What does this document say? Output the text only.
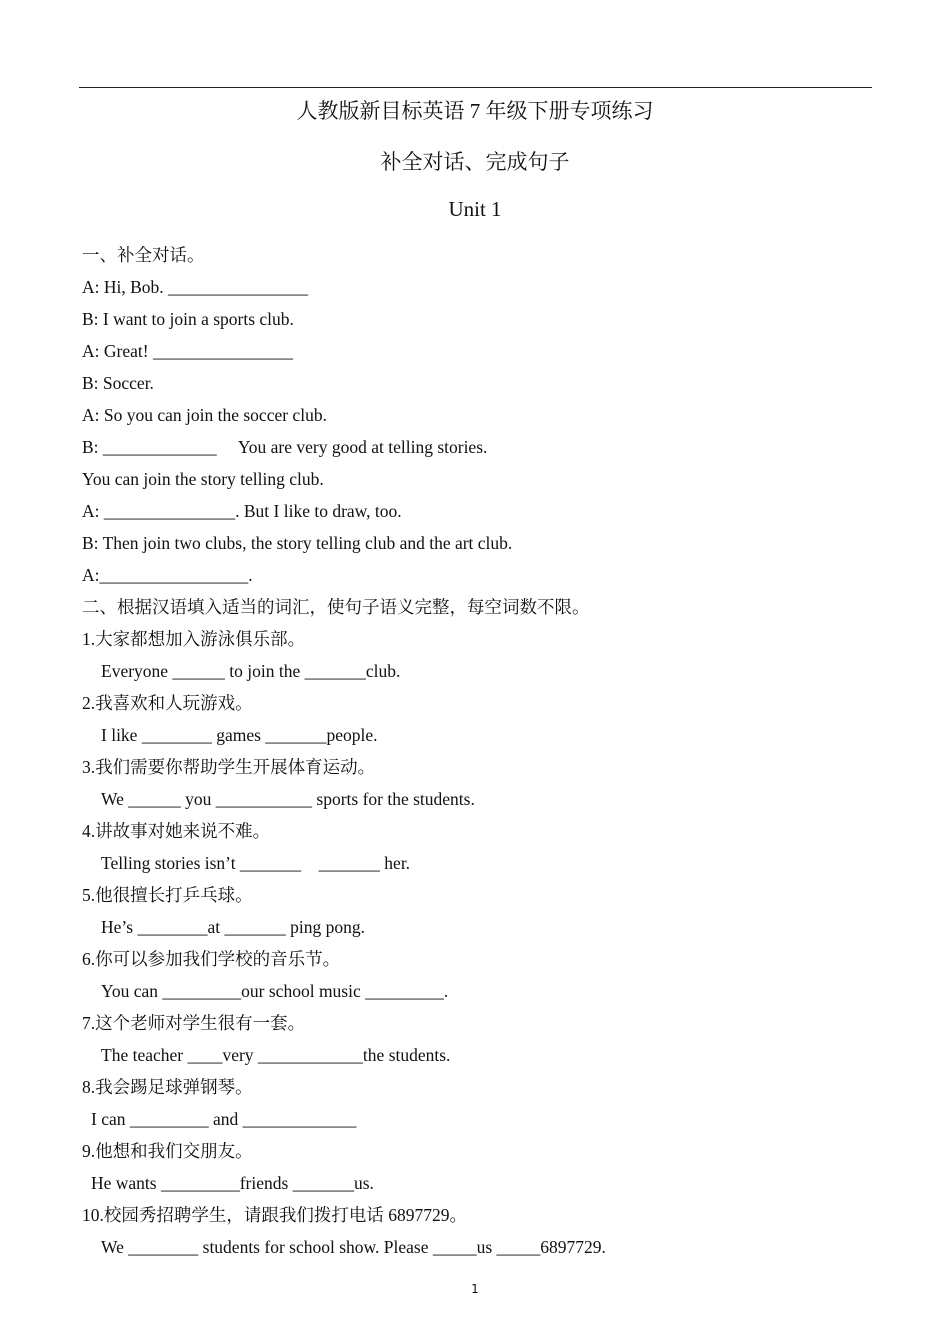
人教版新目标英语 7 年级下册专项练习
补全对话、完成句子
Unit 1
一、补全对话。
A: Hi, Bob. ________________
B: I want to join a sports club.
A: Great! ________________
B: Soccer.
A: So you can join the soccer club.
B: _____________     You are very good at telling stories.
You can join the story telling club.
A: _______________. But I like to draw, too.
B: Then join two clubs, the story telling club and the art club.
A:_________________.
二、根据汉语填入适当的词汇，使句子语义完整，每空词数不限。
1.大家都想加入游泳俱乐部。
Everyone ______ to join the _______club.
2.我喜欢和人玩游戏。
I like ________ games _______people.
3.我们需要你帮助学生开展体育运动。
We ______ you ___________ sports for the students.
4.讲故事对她来说不难。
Telling stories isn’t _______    _______ her.
5.他很擅长打乒乓球。
He’s ________at _______ ping pong.
6.你可以参加我们学校的音乐节。
You can _________our school music _________.
7.这个老师对学生很有一套。
The teacher ____very ____________the students.
8.我会踢足球弹钢琴。
I can _________ and _____________
9.他想和我们交朋友。
He wants _________friends _______us.
10.校园秀招聘学生，请跟我们拨打电话 6897729。
We ________ students for school show. Please _____us _____6897729.
1
